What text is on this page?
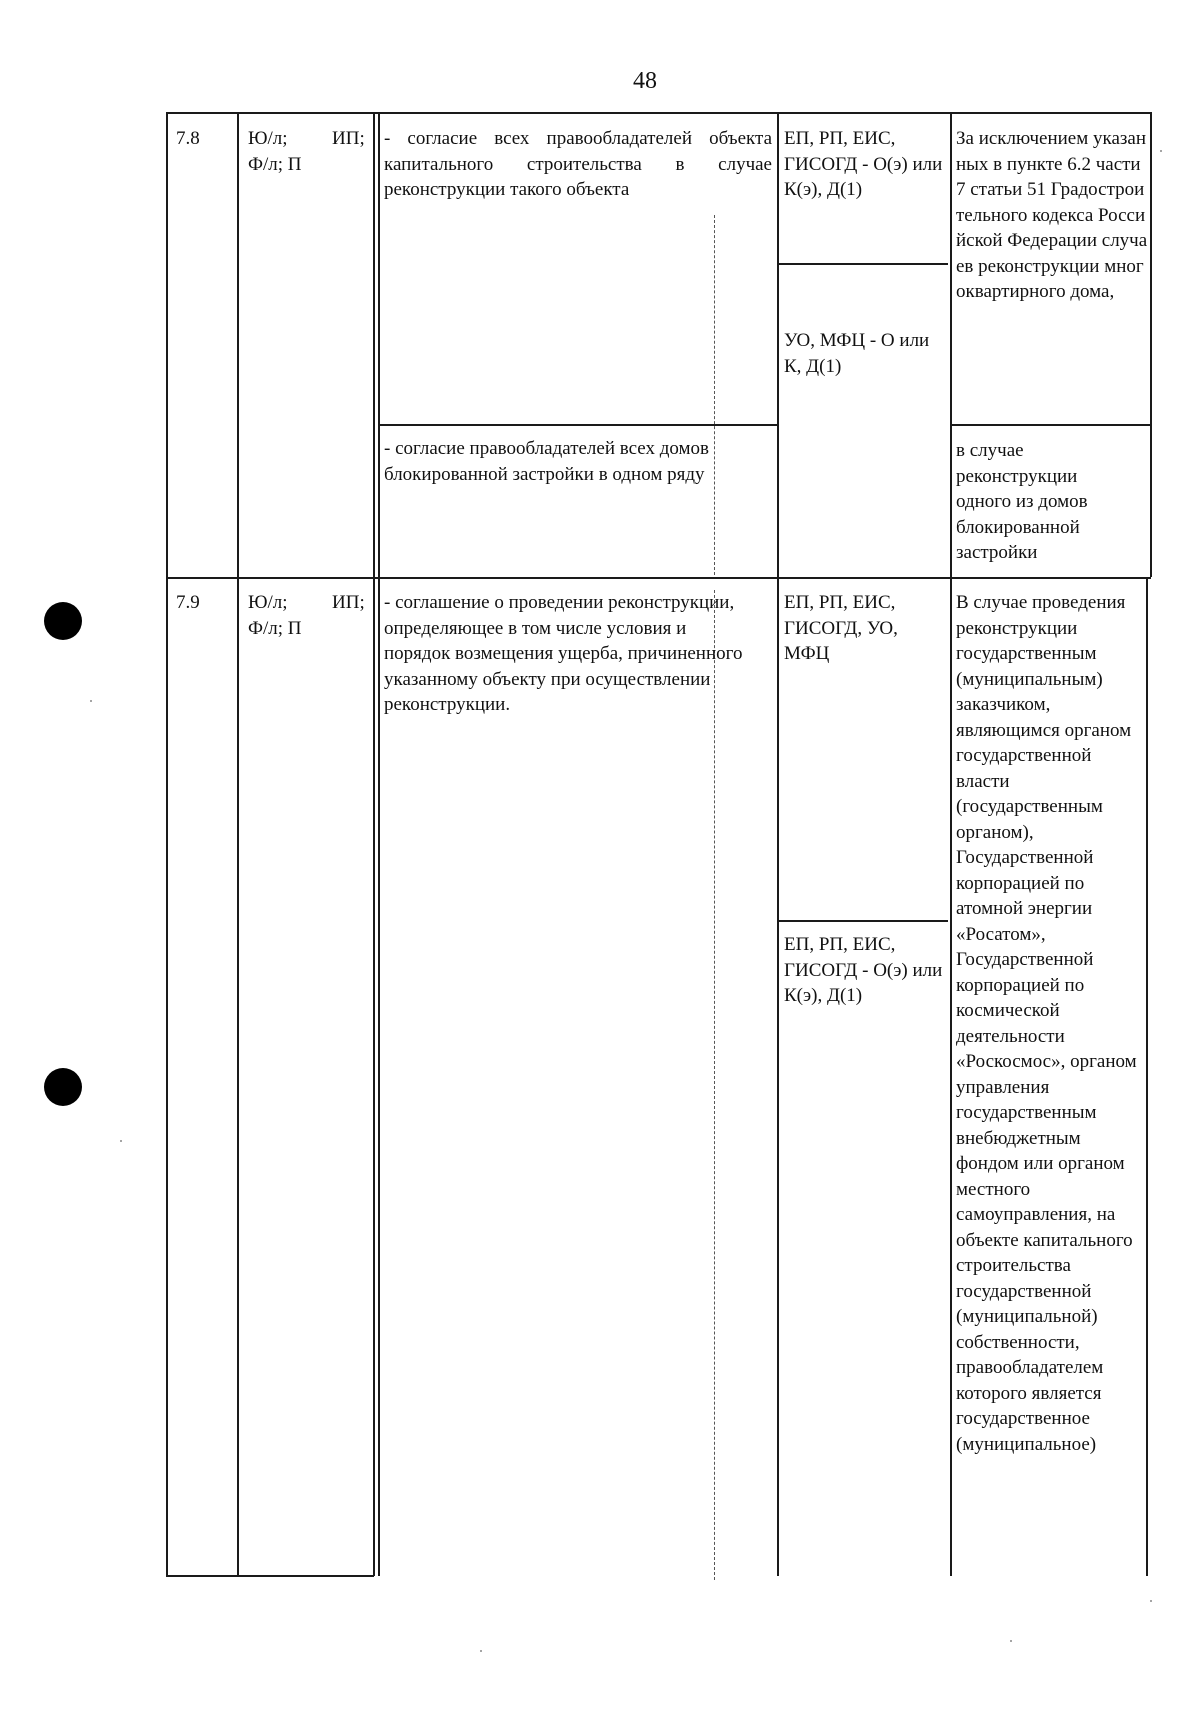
48
7.8	Ю/л; ИП;
Ф/л; П
- согласие всех правообладателей объекта капитального строительства в случае реконструкции такого объекта
- согласие правообладателей всех домов блокированной застройки в одном ряду
ЕП, РП, ЕИС, ГИСОГД - О(э) или К(э), Д(1)
УО, МФЦ - О или К, Д(1)
За исключением указанных в пункте 6.2 части 7 статьи 51 Градостроительного кодекса Российской Федерации случаев реконструкции многоквартирного дома,
в случае реконструкции одного из домов блокированной застройки
7.9	Ю/л; ИП;
Ф/л; П
- соглашение о проведении реконструкции, определяющее в том числе условия и порядок возмещения ущерба, причиненного указанному объекту при осуществлении реконструкции.
ЕП, РП, ЕИС, ГИСОГД, УО, МФЦ
ЕП, РП, ЕИС, ГИСОГД - О(э) или К(э), Д(1)
В случае проведения реконструкции государственным (муниципальным) заказчиком, являющимся органом государственной власти (государственным органом), Государственной корпорацией по атомной энергии «Росатом», Государственной корпорацией по космической деятельности «Роскосмос», органом управления государственным внебюджетным фондом или органом местного самоуправления, на объекте капитального строительства государственной (муниципальной) собственности, правообладателем которого является государственное (муниципальное)
